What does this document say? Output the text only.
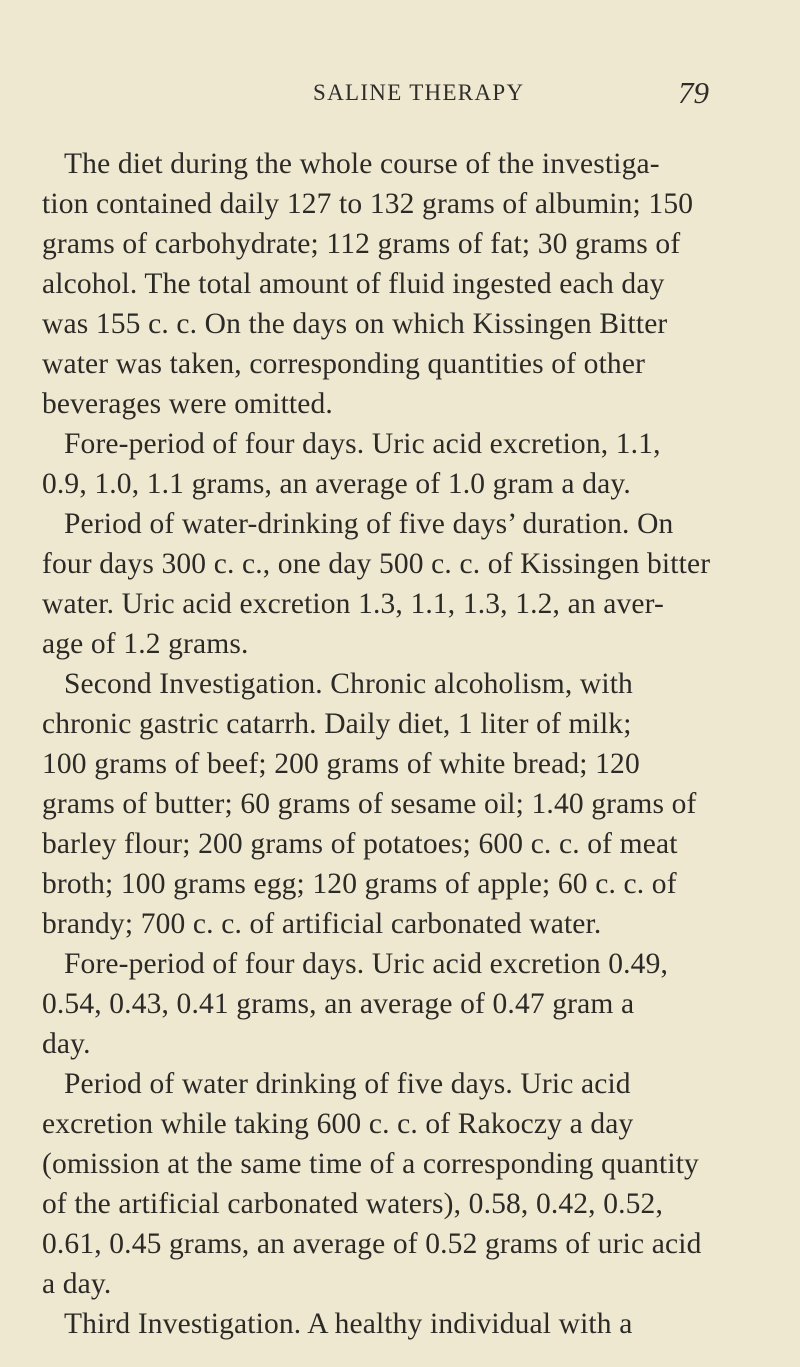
SALINE THERAPY	79
The diet during the whole course of the investiga-
tion contained daily 127 to 132 grams of albumin; 150
grams of carbohydrate; 112 grams of fat; 30 grams of
alcohol. The total amount of fluid ingested each day
was 155 c. c. On the days on which Kissingen Bitter
water was taken, corresponding quantities of other
beverages were omitted.
Fore-period of four days. Uric acid excretion, 1.1,
0.9, 1.0, 1.1 grams, an average of 1.0 gram a day.
Period of water-drinking of five days’ duration. On
four days 300 c. c., one day 500 c. c. of Kissingen bitter
water. Uric acid excretion 1.3, 1.1, 1.3, 1.2, an aver-
age of 1.2 grams.
Second Investigation. Chronic alcoholism, with
chronic gastric catarrh. Daily diet, 1 liter of milk;
100 grams of beef; 200 grams of white bread; 120
grams of butter; 60 grams of sesame oil; 1.40 grams of
barley flour; 200 grams of potatoes; 600 c. c. of meat
broth; 100 grams egg; 120 grams of apple; 60 c. c. of
brandy; 700 c. c. of artificial carbonated water.
Fore-period of four days. Uric acid excretion 0.49,
0.54, 0.43, 0.41 grams, an average of 0.47 gram a
day.
Period of water drinking of five days. Uric acid
excretion while taking 600 c. c. of Rakoczy a day
(omission at the same time of a corresponding quantity
of the artificial carbonated waters), 0.58, 0.42, 0.52,
0.61, 0.45 grams, an average of 0.52 grams of uric acid
a day.
Third Investigation. A healthy individual with a
